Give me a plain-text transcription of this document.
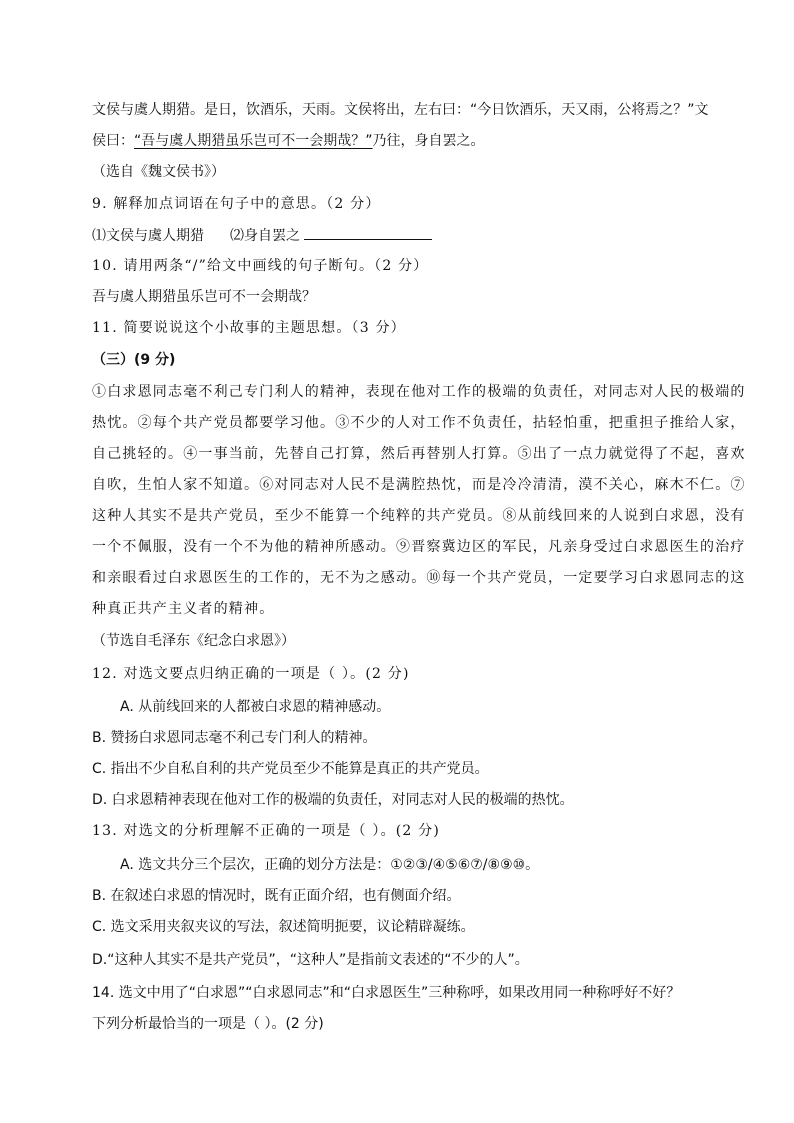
文侯与虞人期猎。是日，饮酒乐，天雨。文侯将出，左右曰：“今日饮酒乐，天又雨，公将焉之？”文
侯曰：“吾与虞人期猎虽乐岂可不一会期哉？”乃往，身自罢之。
（选自《魏文侯书》）
9. 解释加点词语在句子中的意思。（2 分）
⑴文侯与虞人期猎 ⑵身自罢之
10. 请用两条“/”给文中画线的句子断句。（2 分）
吾与虞人期猎虽乐岂可不一会期哉？
11. 简要说说这个小故事的主题思想。（3 分）
（三）(9 分)
①白求恩同志毫不利己专门利人的精神，表现在他对工作的极端的负责任，对同志对人民的极端的
热忱。②每个共产党员都要学习他。③不少的人对工作不负责任，拈轻怕重，把重担子推给人家，
自己挑轻的。④一事当前，先替自己打算，然后再替别人打算。⑤出了一点力就觉得了不起，喜欢
自吹，生怕人家不知道。⑥对同志对人民不是满腔热忱，而是冷冷清清，漠不关心，麻木不仁。⑦
这种人其实不是共产党员，至少不能算一个纯粹的共产党员。⑧从前线回来的人说到白求恩，没有
一个不佩服，没有一个不为他的精神所感动。⑨晋察冀边区的军民，凡亲身受过白求恩医生的治疗
和亲眼看过白求恩医生的工作的，无不为之感动。⑩每一个共产党员，一定要学习白求恩同志的这
种真正共产主义者的精神。
（节选自毛泽东《纪念白求恩》）
12. 对选文要点归纳正确的一项是（ ）。(2 分)
A. 从前线回来的人都被白求恩的精神感动。
B. 赞扬白求恩同志毫不利己专门利人的精神。
C. 指出不少自私自利的共产党员至少不能算是真正的共产党员。
D. 白求恩精神表现在他对工作的极端的负责任，对同志对人民的极端的热忱。
13. 对选文的分析理解不正确的一项是（ ）。(2 分)
A. 选文共分三个层次，正确的划分方法是：①②③/④⑤⑥⑦/⑧⑨⑩。
B. 在叙述白求恩的情况时，既有正面介绍，也有侧面介绍。
C. 选文采用夹叙夹议的写法，叙述简明扼要，议论精辟凝练。
D.“这种人其实不是共产党员”，“这种人”是指前文表述的“不少的人”。
14. 选文中用了“白求恩”“白求恩同志”和“白求恩医生”三种称呼，如果改用同一种称呼好不好？
下列分析最恰当的一项是（ ）。(2 分)
